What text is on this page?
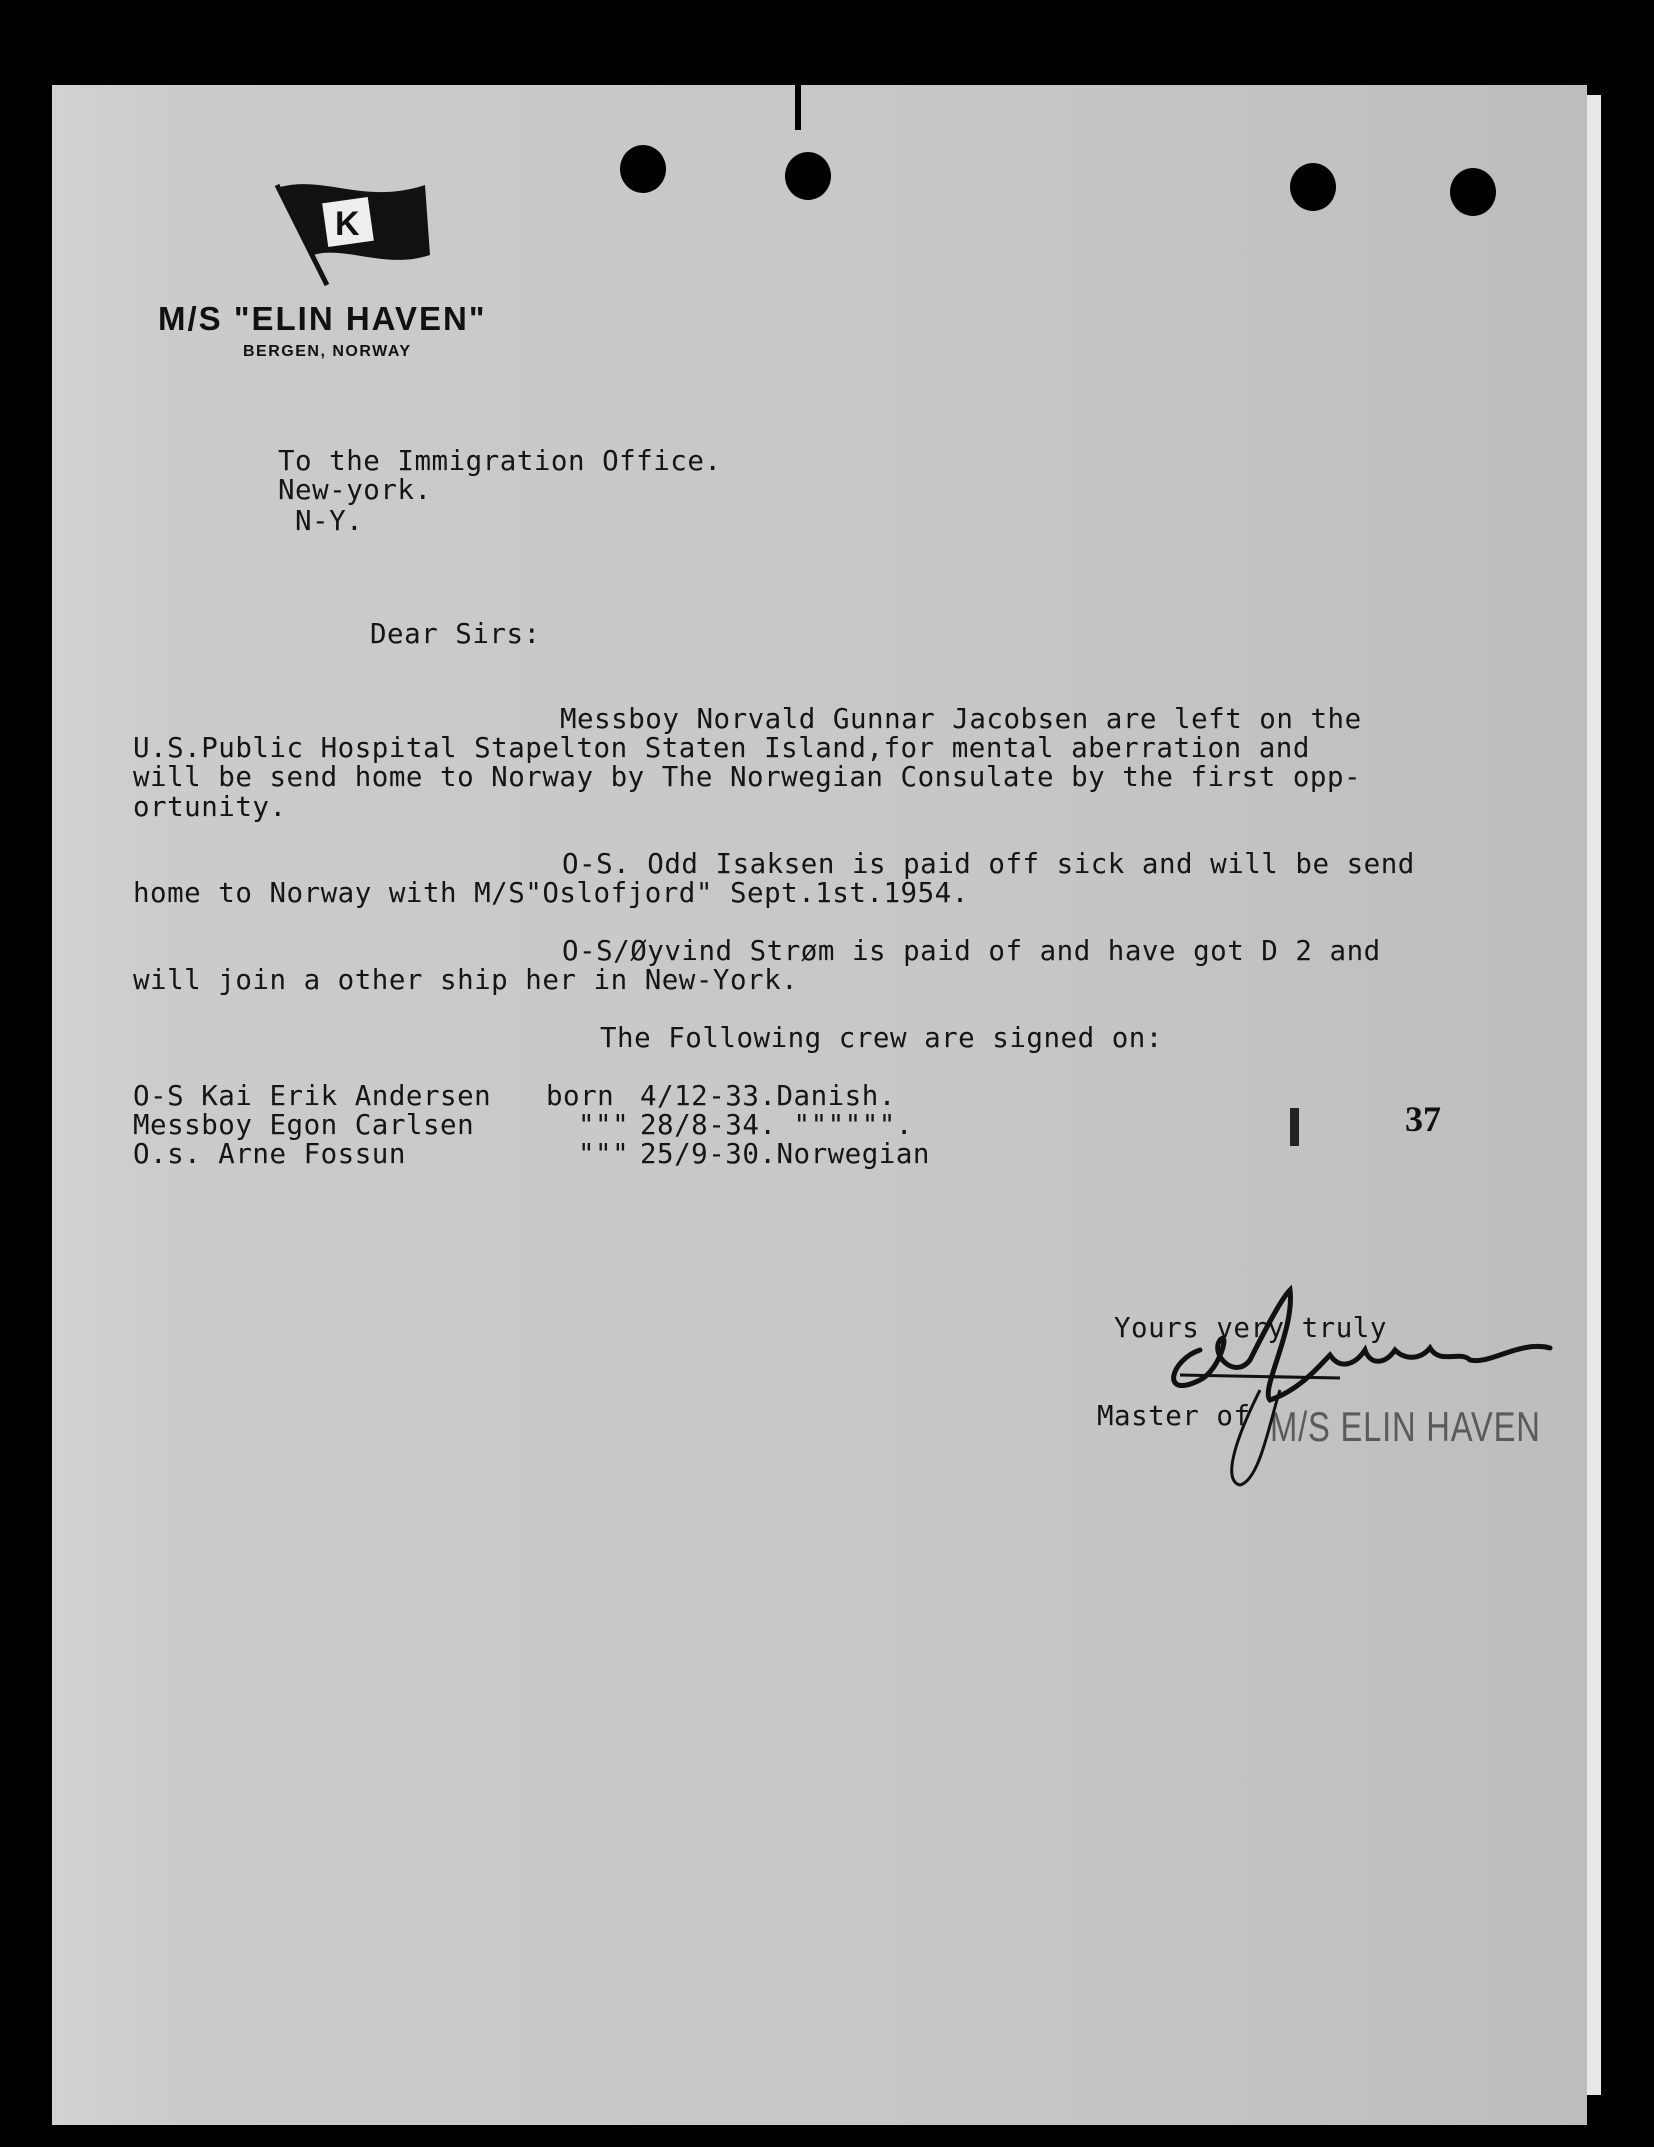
K
M/S "ELIN HAVEN"
BERGEN, NORWAY
To the Immigration Office.
New-york.
N-Y.
Dear Sirs:
Messboy Norvald Gunnar Jacobsen are left on the
U.S.Public Hospital Stapelton Staten Island,for mental aberration and
will be send home to Norway by The Norwegian Consulate by the first opp-
ortunity.
O-S. Odd Isaksen is paid off sick and will be send
home to Norway with M/S"Oslofjord" Sept.1st.1954.
O-S/Øyvind Strøm is paid of and have got D 2 and
will join a other ship her in New-York.
The Following crew are signed on:
O-S Kai Erik Andersen born 4/12-33.Danish.
Messboy Egon Carlsen	""" 28/8-34. """""".
O.s. Arne Fossun	""" 25/9-30.Norwegian
37
Yours very truly
Master of M/S ELIN HAVEN
